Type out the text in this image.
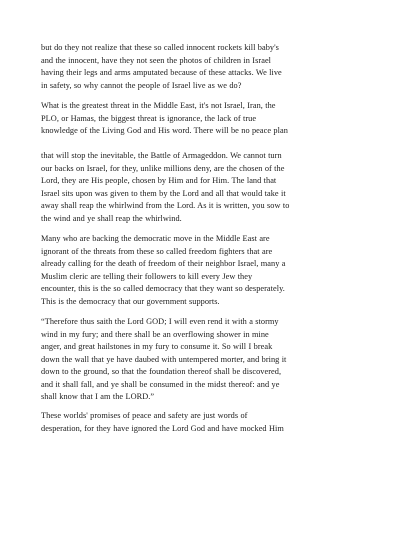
but do they not realize that these so called innocent rockets kill baby's
and the innocent, have they not seen the photos of children in Israel
having their legs and arms amputated because of these attacks. We live
in safety, so why cannot the people of Israel live as we do?
What is the greatest threat in the Middle East, it's not Israel, Iran, the
PLO, or Hamas, the biggest threat is ignorance, the lack of true
knowledge of the Living God and His word. There will be no peace plan
that will stop the inevitable, the Battle of Armageddon. We cannot turn
our backs on Israel, for they, unlike millions deny, are the chosen of the
Lord, they are His people, chosen by Him and for Him. The land that
Israel sits upon was given to them by the Lord and all that would take it
away shall reap the whirlwind from the Lord. As it is written, you sow to
the wind and ye shall reap the whirlwind.
Many who are backing the democratic move in the Middle East are
ignorant of the threats from these so called freedom fighters that are
already calling for the death of freedom of their neighbor Israel, many a
Muslim cleric are telling their followers to kill every Jew they
encounter, this is the so called democracy that they want so desperately.
This is the democracy that our government supports.
“Therefore thus saith the Lord GOD; I will even rend it with a stormy
wind in my fury; and there shall be an overflowing shower in mine
anger, and great hailstones in my fury to consume it. So will I break
down the wall that ye have daubed with untempered morter, and bring it
down to the ground, so that the foundation thereof shall be discovered,
and it shall fall, and ye shall be consumed in the midst thereof: and ye
shall know that I am the LORD.”
These worlds' promises of peace and safety are just words of
desperation, for they have ignored the Lord God and have mocked Him
